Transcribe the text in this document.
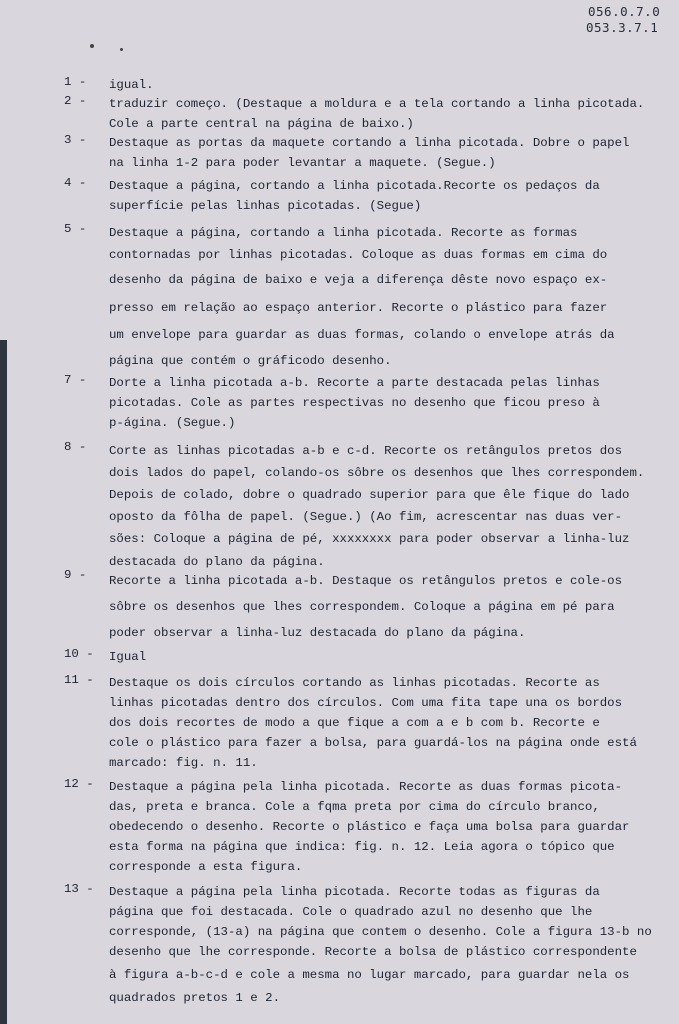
056.0.7.0
053.3.7.1
1 -	igual.
2 -	traduzir começo. (Destaque a moldura e a tela cortando a linha picotada.
Cole a parte central na página de baixo.)
3 -	Destaque as portas da maquete cortando a linha picotada. Dobre o papel
na linha 1-2 para poder levantar a maquete. (Segue.)
4 -	Destaque a página, cortando a linha picotada.Recorte os pedaços da
superfície pelas linhas picotadas. (Segue)
5 -	Destaque a página, cortando a linha picotada. Recorte as formas
contornadas por linhas picotadas. Coloque as duas formas em cima do
desenho da página de baixo e veja a diferença dêste novo espaço ex-
presso em relação ao espaço anterior. Recorte o plástico para fazer
um envelope para guardar as duas formas, colando o envelope atrás da
página que contém o gráficodo desenho.
7 -	Dorte a linha picotada a-b. Recorte a parte destacada pelas linhas
picotadas. Cole as partes respectivas no desenho que ficou preso à
p-ágina. (Segue.)
8 -	Corte as linhas picotadas a-b e c-d. Recorte os retângulos pretos dos
dois lados do papel, colando-os sôbre os desenhos que lhes correspondem.
Depois de colado, dobre o quadrado superior para que êle fique do lado
oposto da fôlha de papel. (Segue.) (Ao fim, acrescentar nas duas ver-
sões: Coloque a página de pé, xxxxxxxx para poder observar a linha-luz
destacada do plano da página.
9 -	Recorte a linha picotada a-b. Destaque os retângulos pretos e cole-os
sôbre os desenhos que lhes correspondem. Coloque a página em pé para
poder observar a linha-luz destacada do plano da página.
10 -	Igual
11 -	Destaque os dois círculos cortando as linhas picotadas. Recorte as
linhas picotadas dentro dos círculos. Com uma fita tape una os bordos
dos dois recortes de modo a que fique a com a e b com b. Recorte e
cole o plástico para fazer a bolsa, para guardá-los na página onde está
marcado: fig. n. 11.
12 -	Destaque a página pela linha picotada. Recorte as duas formas picota-
das, preta e branca. Cole a fqma preta por cima do círculo branco,
obedecendo o desenho. Recorte o plástico e faça uma bolsa para guardar
esta forma na página que indica: fig. n. 12. Leia agora o tópico que
corresponde a esta figura.
13 -	Destaque a página pela linha picotada. Recorte todas as figuras da
página que foi destacada. Cole o quadrado azul no desenho que lhe
corresponde, (13-a) na página que contem o desenho. Cole a figura 13-b no
desenho que lhe corresponde. Recorte a bolsa de plástico correspondente
à figura a-b-c-d e cole a mesma no lugar marcado, para guardar nela os
quadrados pretos 1 e 2.
